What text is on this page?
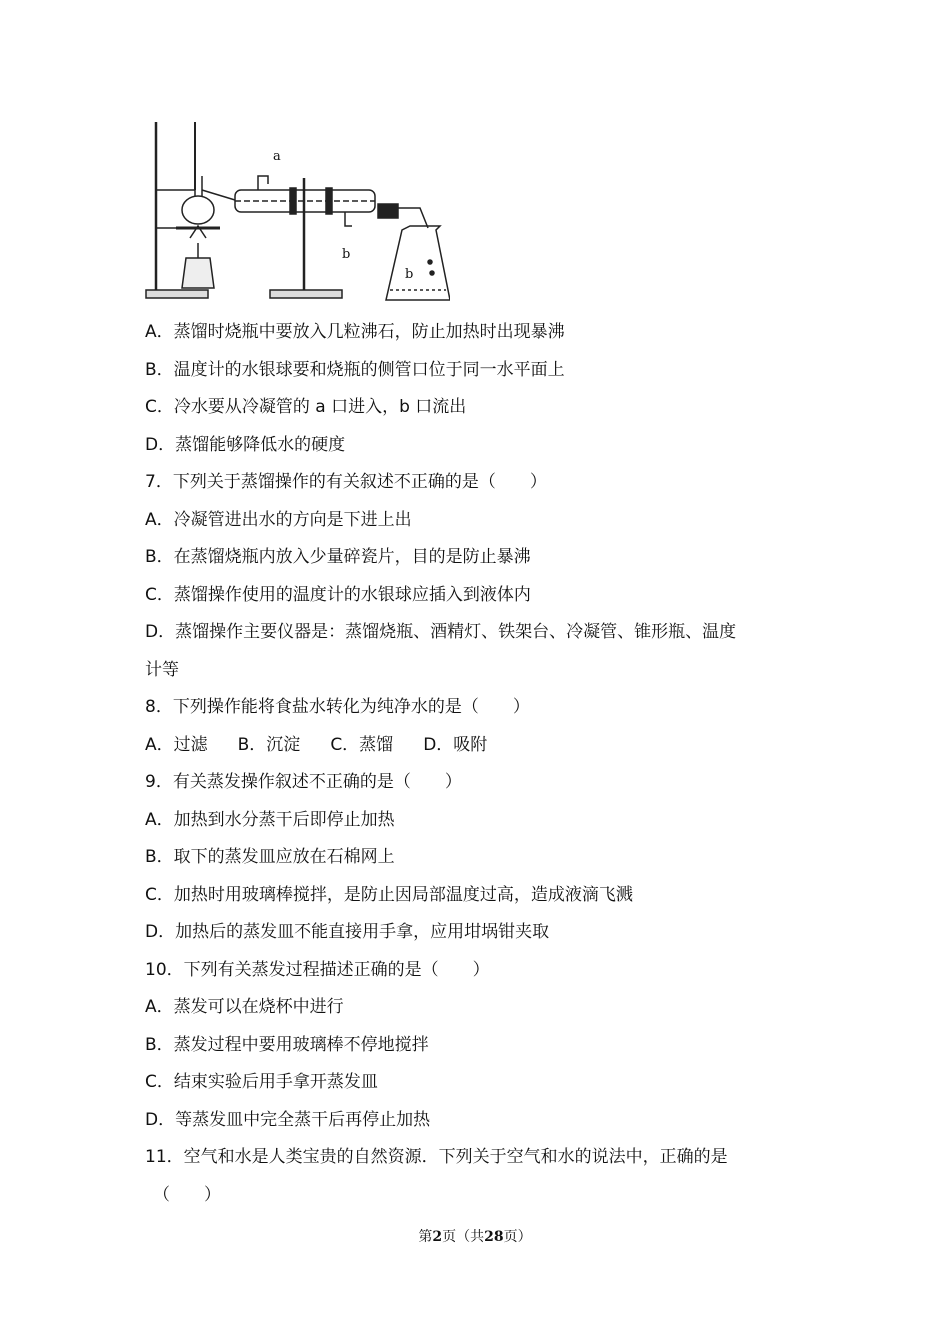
a
b
b
A．蒸馏时烧瓶中要放入几粒沸石，防止加热时出现暴沸
B．温度计的水银球要和烧瓶的侧管口位于同一水平面上
C．冷水要从冷凝管的 a 口进入，b 口流出
D．蒸馏能够降低水的硬度
7．下列关于蒸馏操作的有关叙述不正确的是（　　）
A．冷凝管进出水的方向是下进上出
B．在蒸馏烧瓶内放入少量碎瓷片，目的是防止暴沸
C．蒸馏操作使用的温度计的水银球应插入到液体内
D．蒸馏操作主要仪器是：蒸馏烧瓶、酒精灯、铁架台、冷凝管、锥形瓶、温度
计等
8．下列操作能将食盐水转化为纯净水的是（　　）
A．过滤 B．沉淀 C．蒸馏 D．吸附
9．有关蒸发操作叙述不正确的是（　　）
A．加热到水分蒸干后即停止加热
B．取下的蒸发皿应放在石棉网上
C．加热时用玻璃棒搅拌，是防止因局部温度过高，造成液滴飞溅
D．加热后的蒸发皿不能直接用手拿，应用坩埚钳夹取
10．下列有关蒸发过程描述正确的是（　　）
A．蒸发可以在烧杯中进行
B．蒸发过程中要用玻璃棒不停地搅拌
C．结束实验后用手拿开蒸发皿
D．等蒸发皿中完全蒸干后再停止加热
11．空气和水是人类宝贵的自然资源．下列关于空气和水的说法中，正确的是
（　　）
第2页（共28页）
